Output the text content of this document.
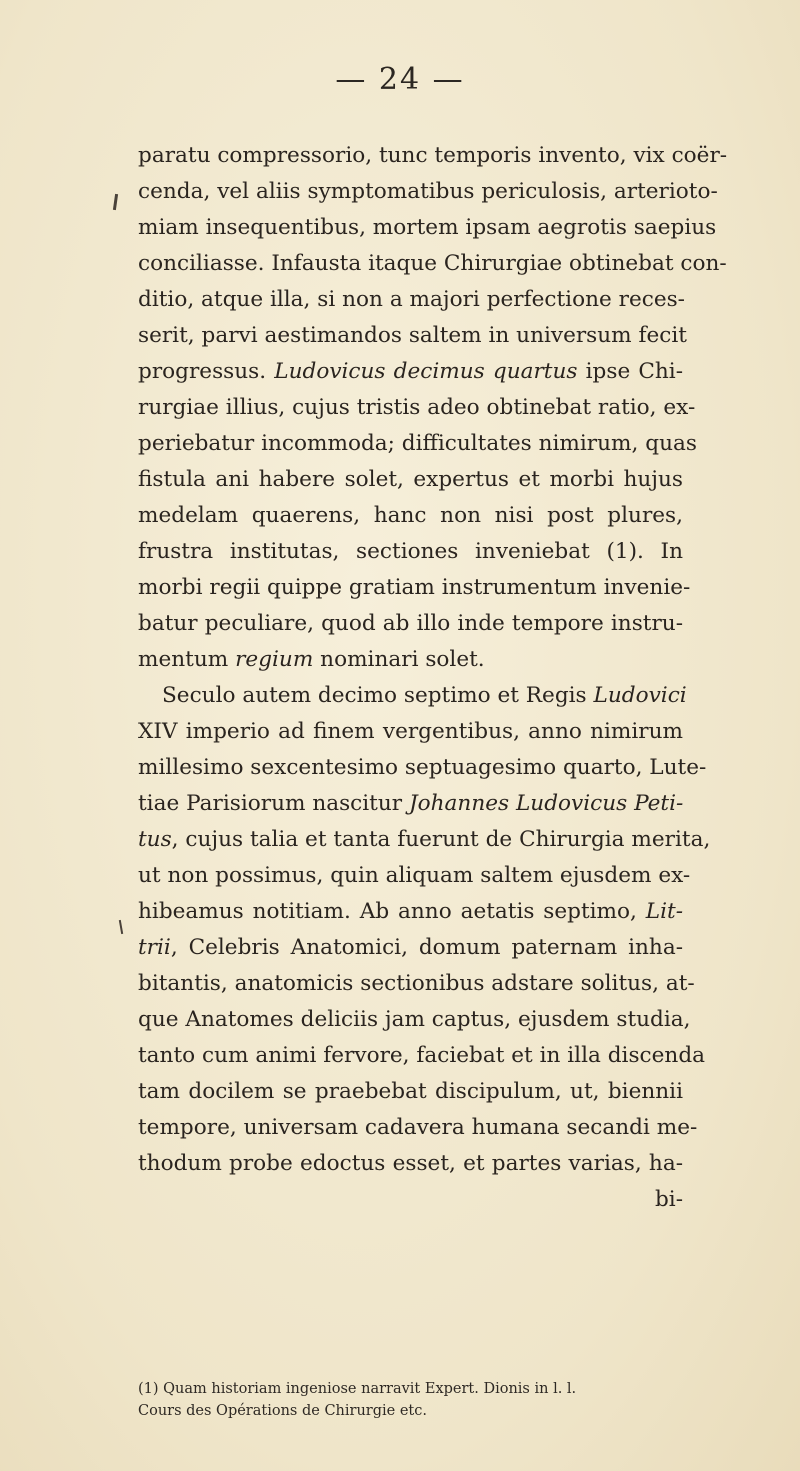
— 24 —
paratu compressorio, tunc temporis invento, vix coër-
cenda, vel aliis symptomatibus periculosis, arterioto-
miam insequentibus, mortem ipsam aegrotis saepius
conciliasse. Infausta itaque Chirurgiae obtinebat con-
ditio, atque illa, si non a majori perfectione reces-
serit, parvi aestimandos saltem in universum fecit
progressus. Ludovicus decimus quartus ipse Chi-
rurgiae illius, cujus tristis adeo obtinebat ratio, ex-
periebatur incommoda; difficultates nimirum, quas
fistula ani habere solet, expertus et morbi hujus
medelam quaerens, hanc non nisi post plures,
frustra institutas, sectiones inveniebat (1). In
morbi regii quippe gratiam instrumentum invenie-
batur peculiare, quod ab illo inde tempore instru-
mentum regium nominari solet.
Seculo autem decimo septimo et Regis Ludovici
XIV imperio ad finem vergentibus, anno nimirum
millesimo sexcentesimo septuagesimo quarto, Lute-
tiae Parisiorum nascitur Johannes Ludovicus Peti-
tus, cujus talia et tanta fuerunt de Chirurgia merita,
ut non possimus, quin aliquam saltem ejusdem ex-
hibeamus notitiam. Ab anno aetatis septimo, Lit-
trii, Celebris Anatomici, domum paternam inha-
bitantis, anatomicis sectionibus adstare solitus, at-
que Anatomes deliciis jam captus, ejusdem studia,
tanto cum animi fervore, faciebat et in illa discenda
tam docilem se praebebat discipulum, ut, biennii
tempore, universam cadavera humana secandi me-
thodum probe edoctus esset, et partes varias, ha-
bi-
(1) Quam historiam ingeniose narravit Expert. Dionis in l. l.
Cours des Opérations de Chirurgie etc.
